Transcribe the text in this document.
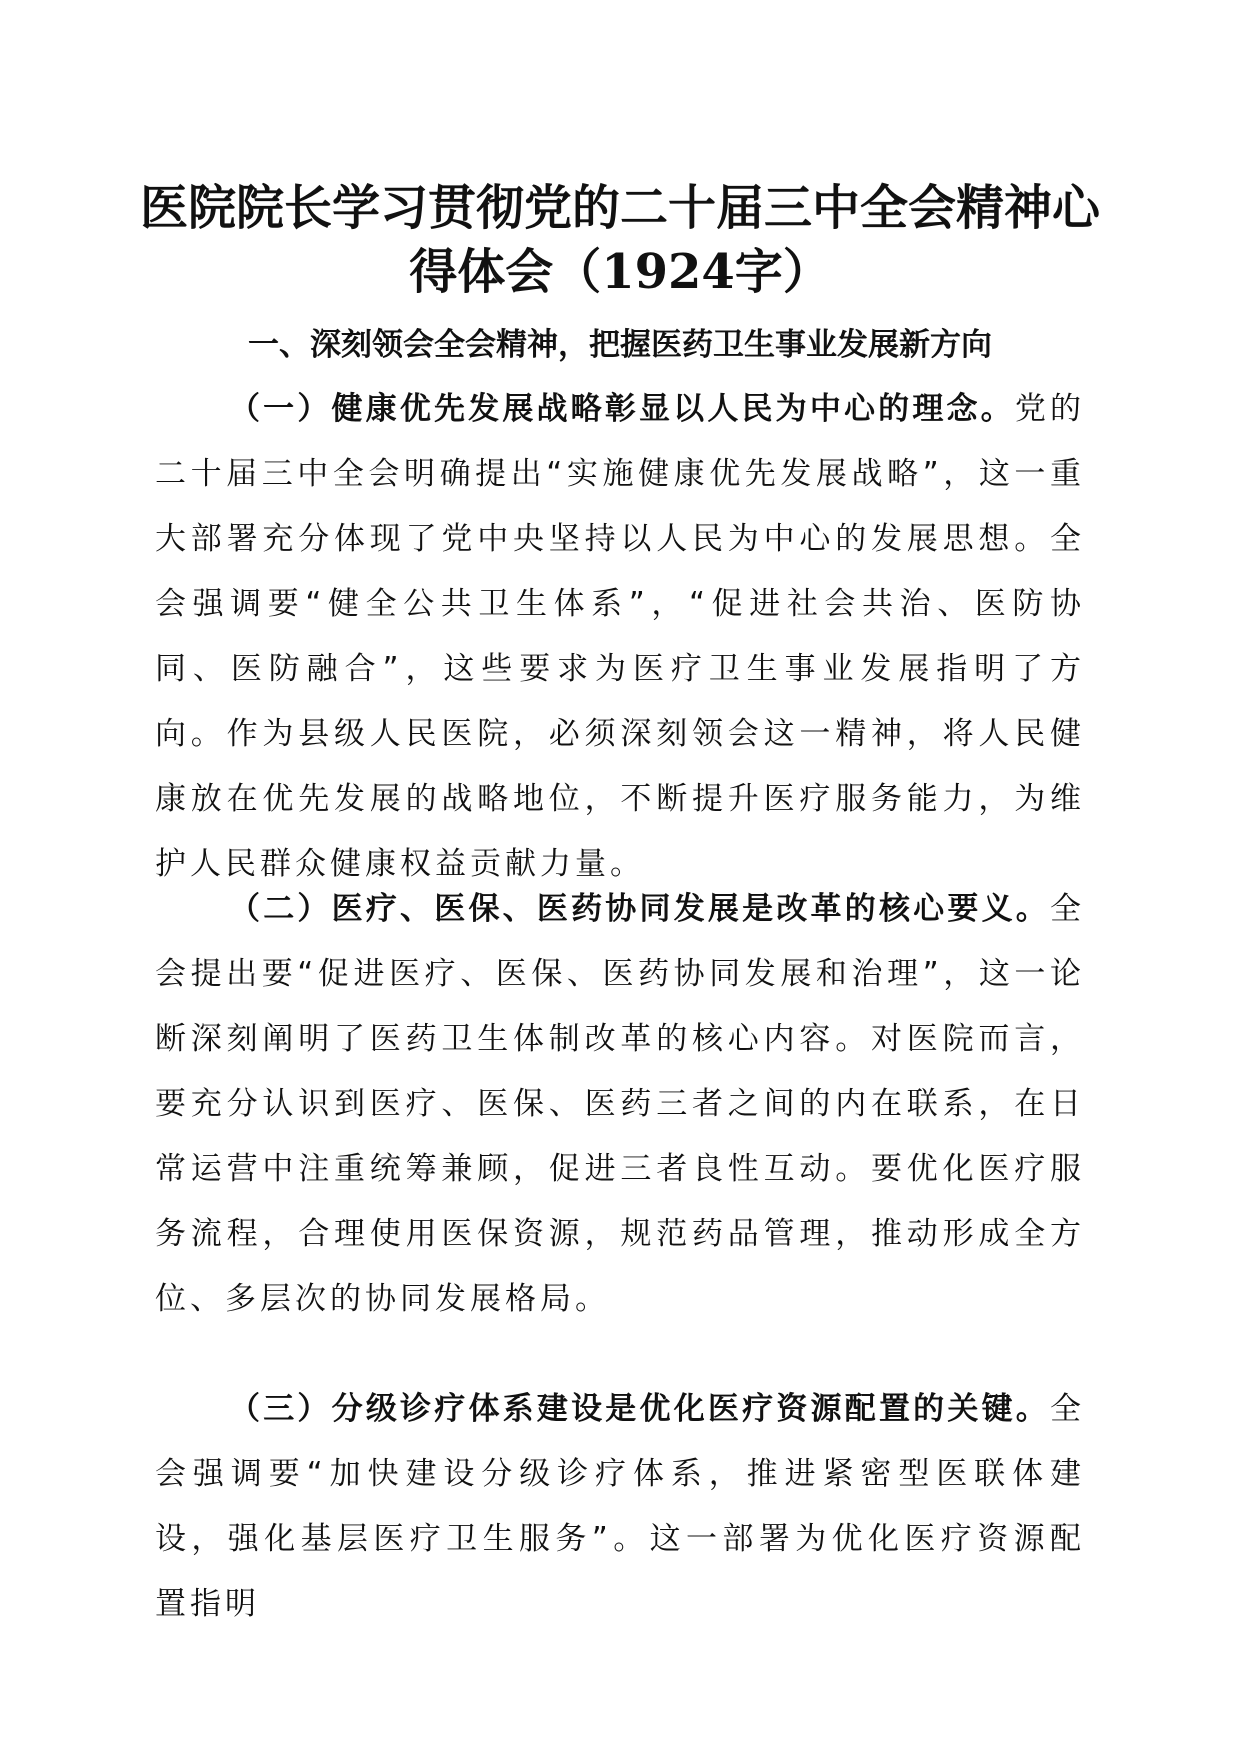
医院院长学习贯彻党的二十届三中全会精神心
得体会（1924字）
一、深刻领会全会精神，把握医药卫生事业发展新方向

（一）健康优先发展战略彰显以人民为中心的理念。党的二十届三中全会明确提出“实施健康优先发展战略”，这一重大部署充分体现了党中央坚持以人民为中心的发展思想。全会强调要“健全公共卫生体系”，“促进社会共治、医防协同、医防融合”，这些要求为医疗卫生事业发展指明了方向。作为县级人民医院，必须深刻领会这一精神，将人民健康放在优先发展的战略地位，不断提升医疗服务能力，为维护人民群众健康权益贡献力量。

（二）医疗、医保、医药协同发展是改革的核心要义。全会提出要“促进医疗、医保、医药协同发展和治理”，这一论断深刻阐明了医药卫生体制改革的核心内容。对医院而言，要充分认识到医疗、医保、医药三者之间的内在联系，在日常运营中注重统筹兼顾，促进三者良性互动。要优化医疗服务流程，合理使用医保资源，规范药品管理，推动形成全方位、多层次的协同发展格局。

（三）分级诊疗体系建设是优化医疗资源配置的关键。全会强调要“加快建设分级诊疗体系，推进紧密型医联体建设，强化基层医疗卫生服务”。这一部署为优化医疗资源配置指明
